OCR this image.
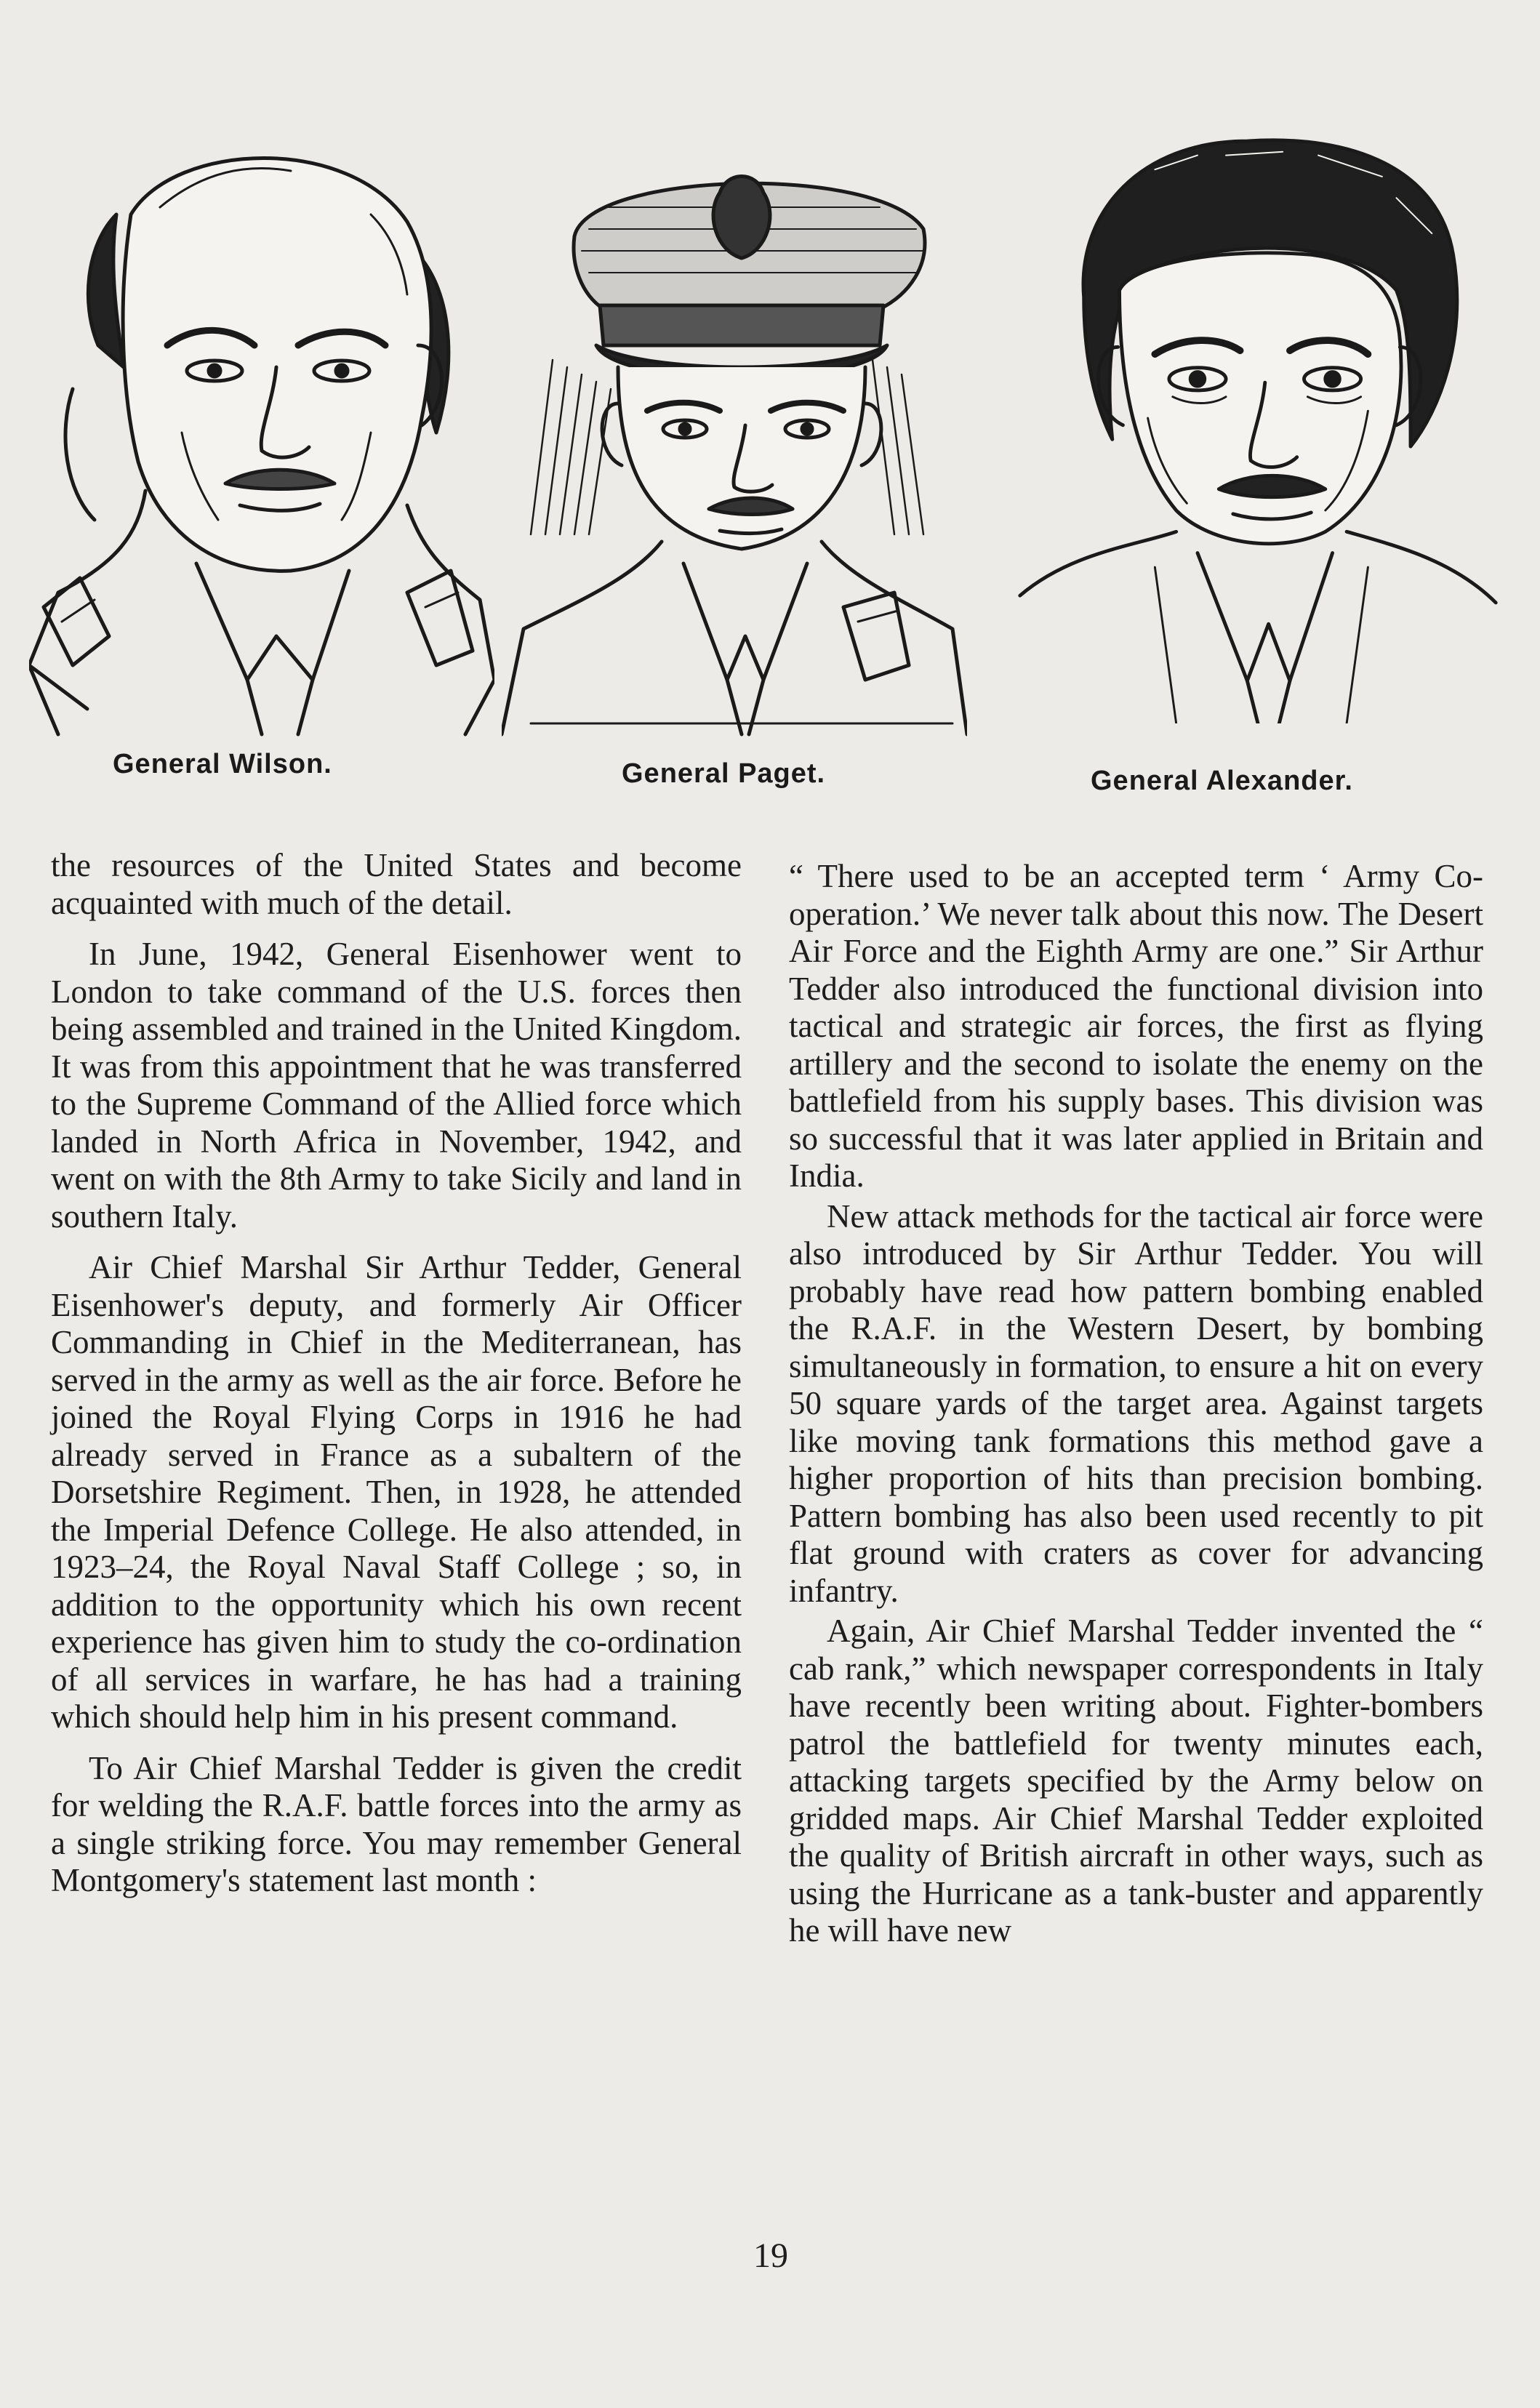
General Wilson.	General Paget.	General Alexander.

the resources of the United States and become acquainted with much of the detail.

In June, 1942, General Eisenhower went to London to take command of the U.S. forces then being assembled and trained in the United Kingdom. It was from this appointment that he was transferred to the Supreme Command of the Allied force which landed in North Africa in November, 1942, and went on with the 8th Army to take Sicily and land in southern Italy.

Air Chief Marshal Sir Arthur Tedder, General Eisenhower's deputy, and formerly Air Officer Commanding in Chief in the Mediterranean, has served in the army as well as the air force. Before he joined the Royal Flying Corps in 1916 he had already served in France as a subaltern of the Dorsetshire Regiment. Then, in 1928, he attended the Imperial Defence College. He also attended, in 1923–24, the Royal Naval Staff College ; so, in addition to the opportunity which his own recent experience has given him to study the co-ordination of all services in warfare, he has had a training which should help him in his present command.

To Air Chief Marshal Tedder is given the credit for welding the R.A.F. battle forces into the army as a single striking force. You may remember General Montgomery's statement last month :

“ There used to be an accepted term ‘ Army Co-operation.’ We never talk about this now. The Desert Air Force and the Eighth Army are one.” Sir Arthur Tedder also introduced the functional division into tactical and strategic air forces, the first as flying artillery and the second to isolate the enemy on the battlefield from his supply bases. This division was so successful that it was later applied in Britain and India.

New attack methods for the tactical air force were also introduced by Sir Arthur Tedder. You will probably have read how pattern bombing enabled the R.A.F. in the Western Desert, by bombing simultaneously in formation, to ensure a hit on every 50 square yards of the target area. Against targets like moving tank formations this method gave a higher proportion of hits than precision bombing. Pattern bombing has also been used recently to pit flat ground with craters as cover for advancing infantry.

Again, Air Chief Marshal Tedder invented the “ cab rank,” which newspaper correspondents in Italy have recently been writing about. Fighter-bombers patrol the battlefield for twenty minutes each, attacking targets specified by the Army below on gridded maps. Air Chief Marshal Tedder exploited the quality of British aircraft in other ways, such as using the Hurricane as a tank-buster and apparently he will have new

19
